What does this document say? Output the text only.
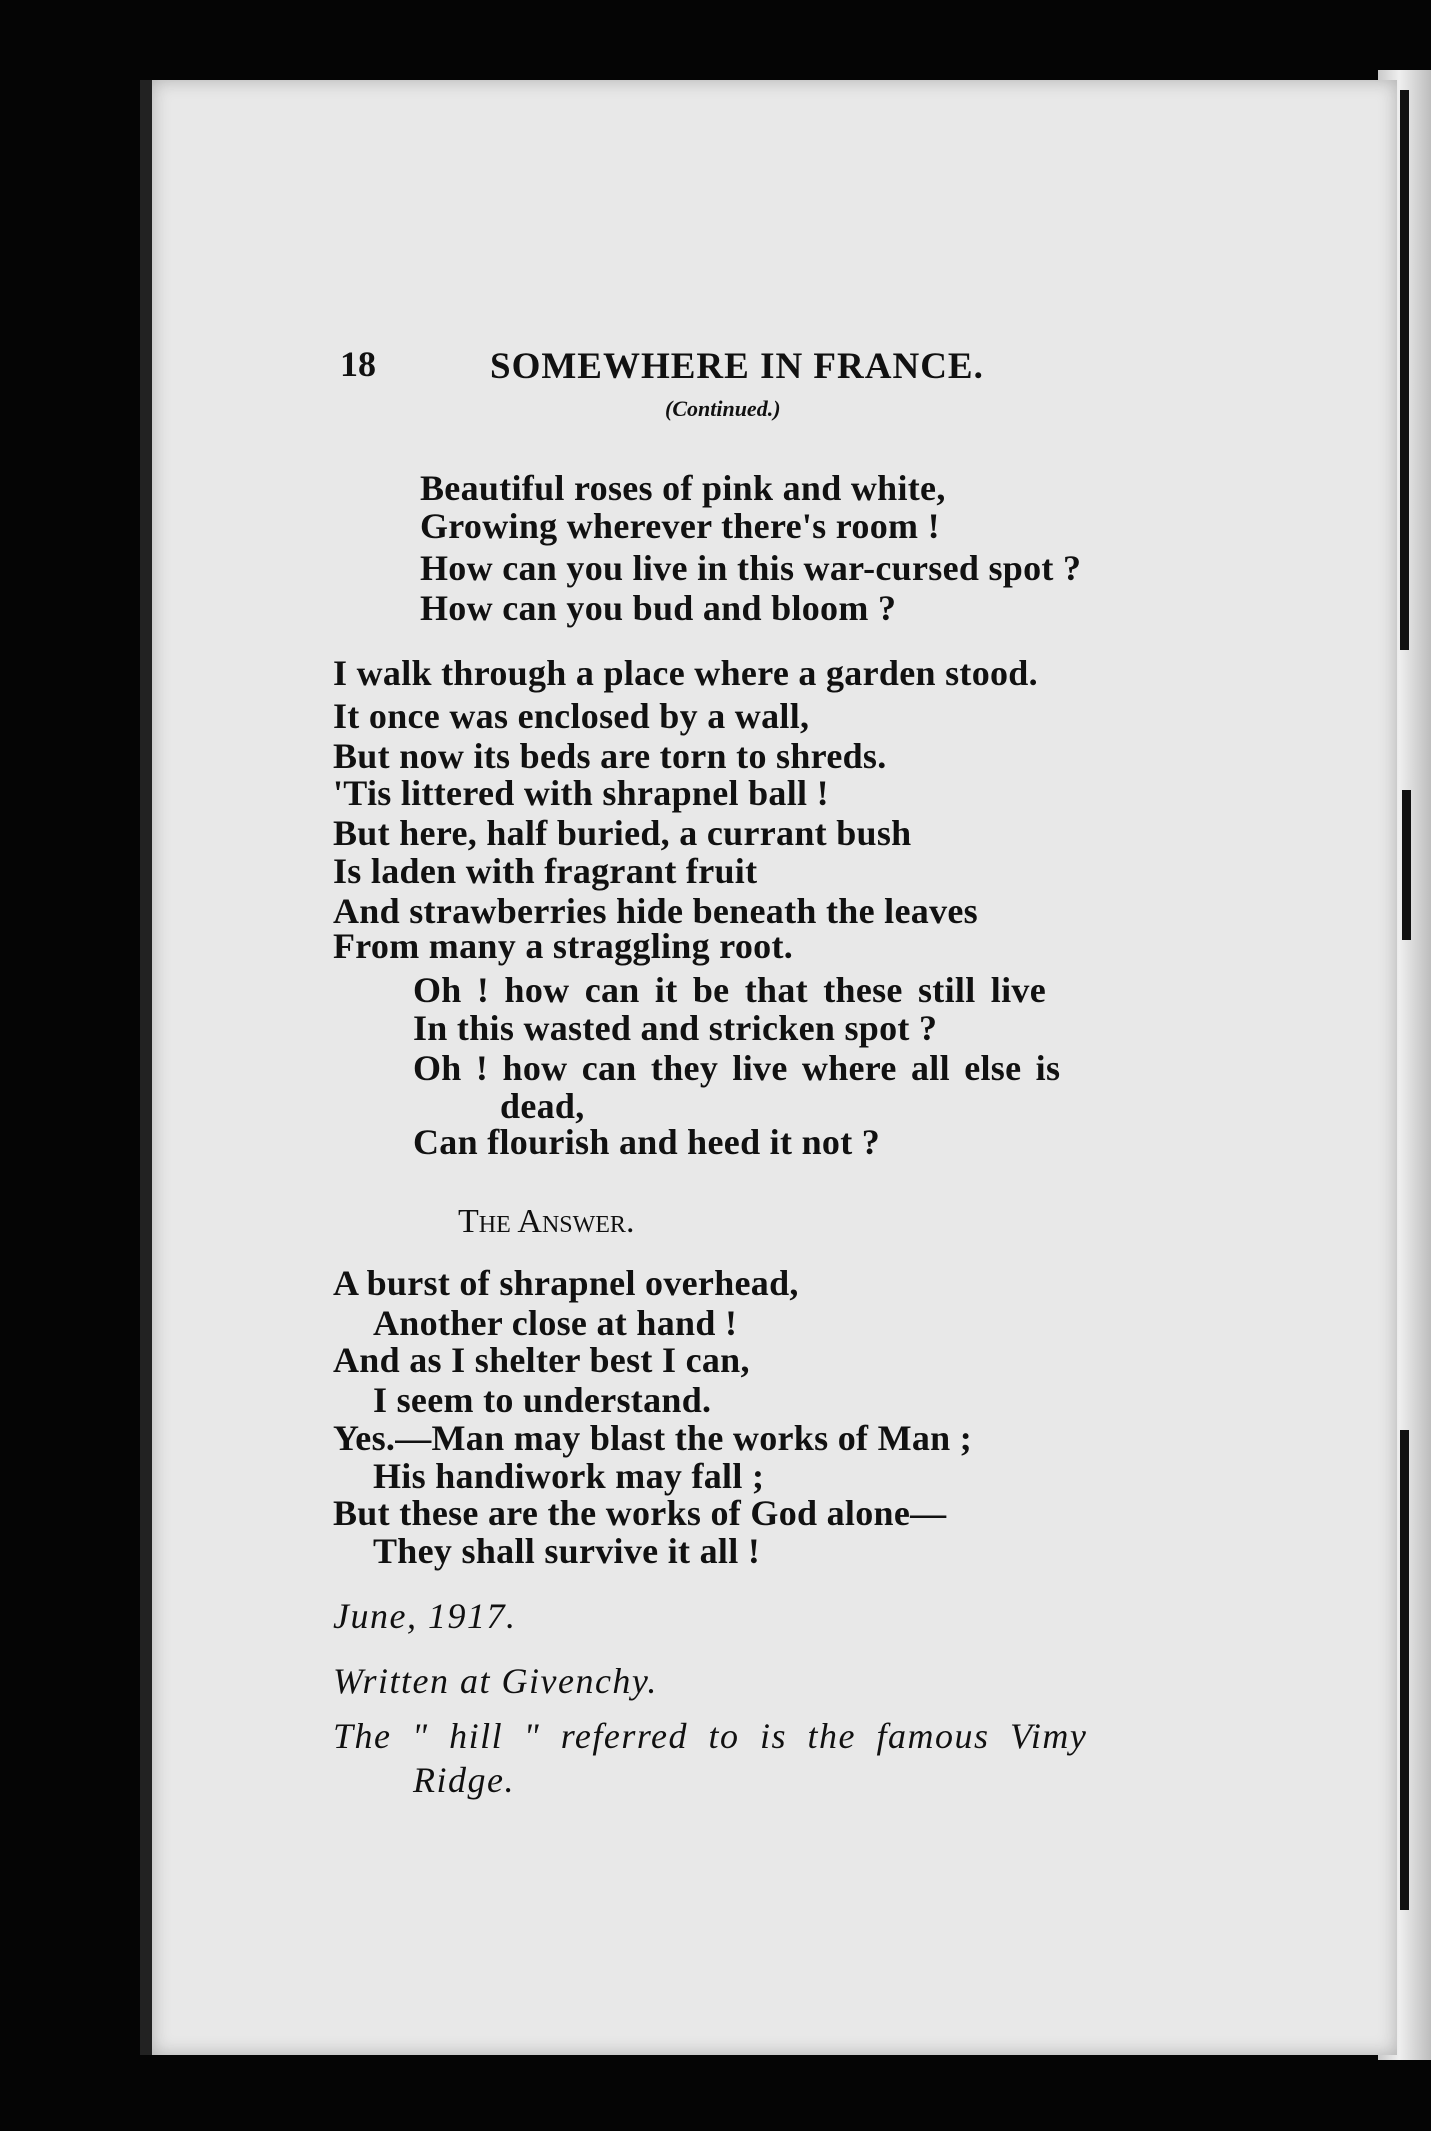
18	SOMEWHERE IN FRANCE.
(Continued.)
Beautiful roses of pink and white,
Growing wherever there's room !
How can you live in this war-cursed spot ?
How can you bud and bloom ?
I walk through a place where a garden stood.
It once was enclosed by a wall,
But now its beds are torn to shreds.
'Tis littered with shrapnel ball !
But here, half buried, a currant bush
Is laden with fragrant fruit
And strawberries hide beneath the leaves
From many a straggling root.
Oh ! how can it be that these still live
In this wasted and stricken spot ?
Oh ! how can they live where all else is
dead,
Can flourish and heed it not ?
The Answer.
A burst of shrapnel overhead,
Another close at hand !
And as I shelter best I can,
I seem to understand.
Yes.—Man may blast the works of Man ;
His handiwork may fall ;
But these are the works of God alone—
They shall survive it all !
June, 1917.
Written at Givenchy.
The " hill " referred to is the famous Vimy
Ridge.
